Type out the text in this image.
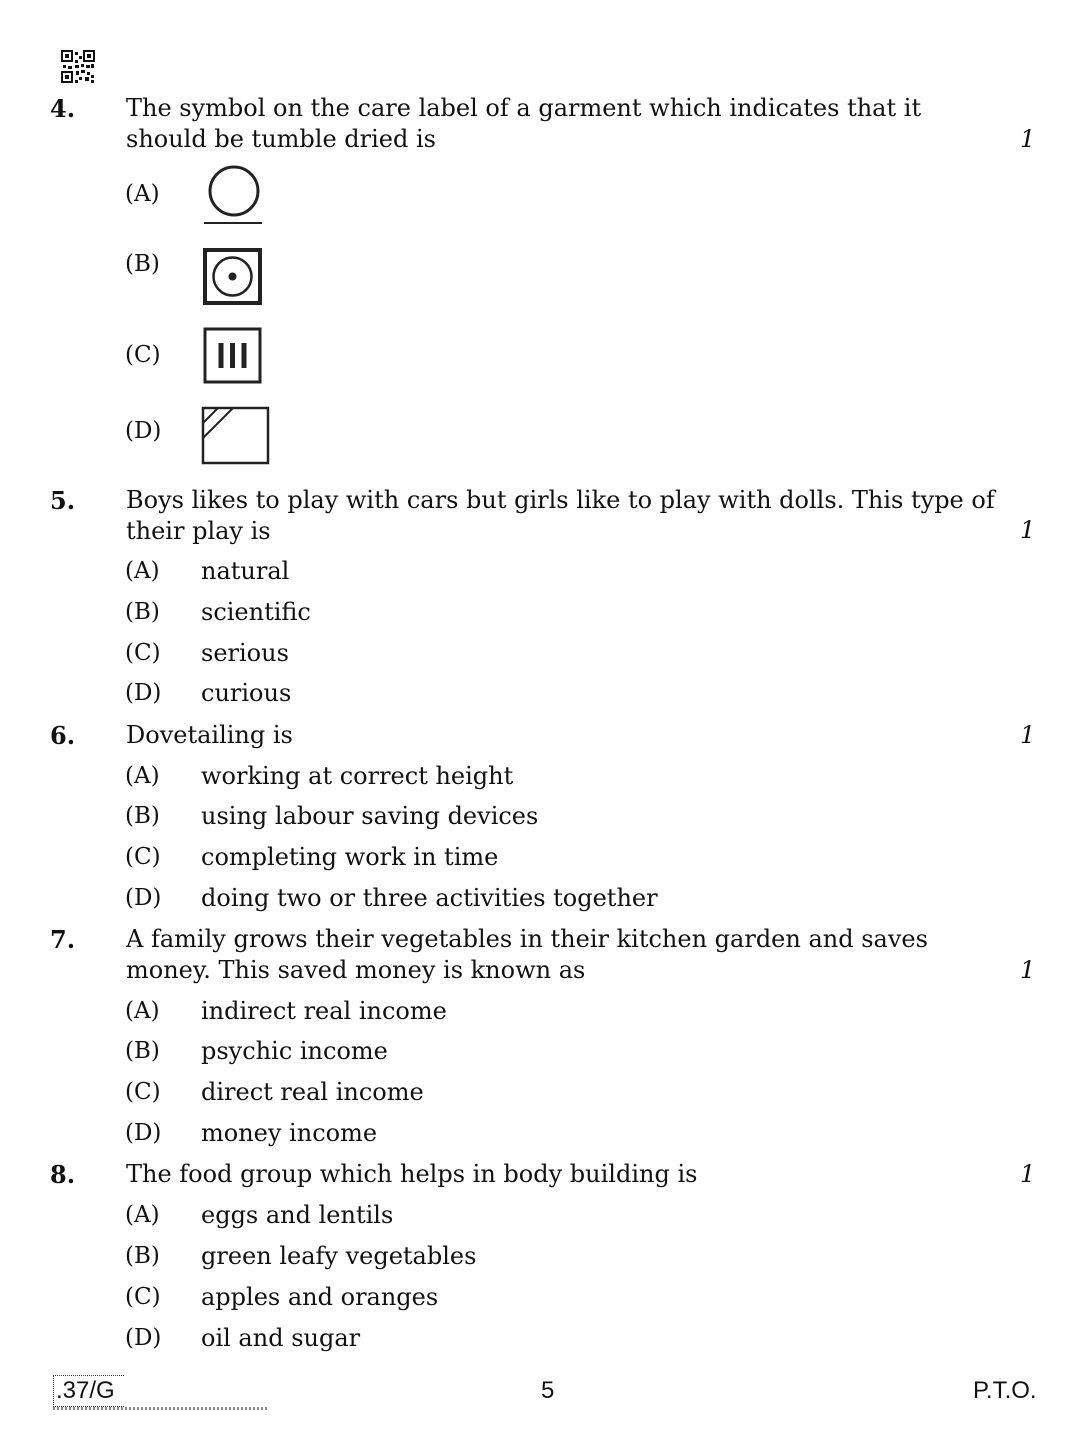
4. The symbol on the care label of a garment which indicates that it should be tumble dried is	1
(A)
(B)
(C)
(D)
5. Boys likes to play with cars but girls like to play with dolls. This type of their play is	1
(A) natural
(B) scientific
(C) serious
(D) curious
6. Dovetailing is	1
(A) working at correct height
(B) using labour saving devices
(C) completing work in time
(D) doing two or three activities together
7. A family grows their vegetables in their kitchen garden and saves money. This saved money is known as	1
(A) indirect real income
(B) psychic income
(C) direct real income
(D) money income
8. The food group which helps in body building is	1
(A) eggs and lentils
(B) green leafy vegetables
(C) apples and oranges
(D) oil and sugar
.37/G	5	P.T.O.
